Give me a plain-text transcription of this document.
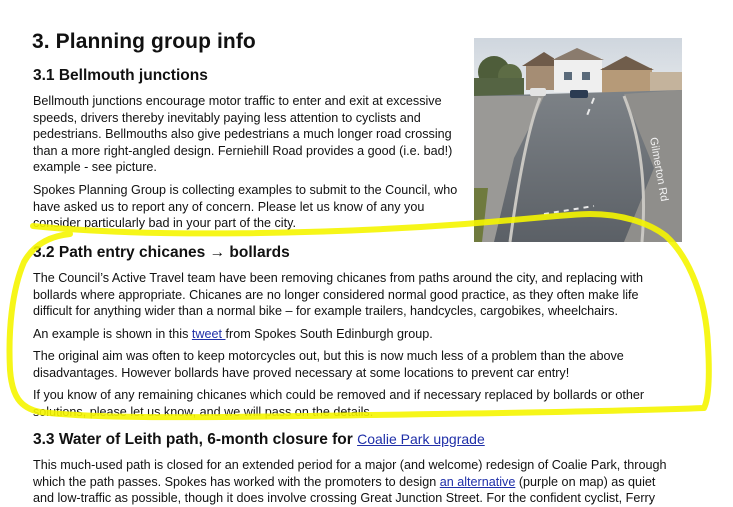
3. Planning group info
3.1 Bellmouth junctions

Bellmouth junctions encourage motor traffic to enter and exit at excessive
speeds, drivers thereby inevitably paying less attention to cyclists and
pedestrians. Bellmouths also give pedestrians a much longer road crossing
than a more right-angled design. Ferniehill Road provides a good (i.e. bad!)
example - see picture.

Spokes Planning Group is collecting examples to submit to the Council, who
have asked us to report any of concern. Please let us know of any you
consider particularly bad in your part of the city.

Gilmerton Rd
3.2 Path entry chicanes → bollards

The Council’s Active Travel team have been removing chicanes from paths around the city, and replacing with
bollards where appropriate. Chicanes are no longer considered normal good practice, as they often make life
difficult for anything wider than a normal bike – for example trailers, handcycles, cargobikes, wheelchairs.

An example is shown in this tweet from Spokes South Edinburgh group.

The original aim was often to keep motorcycles out, but this is now much less of a problem than the above
disadvantages. However bollards have proved necessary at some locations to prevent car entry!

If you know of any remaining chicanes which could be removed and if necessary replaced by bollards or other
solutions, please let us know, and we will pass on the details.

3.3 Water of Leith path, 6-month closure for Coalie Park upgrade

This much-used path is closed for an extended period for a major (and welcome) redesign of Coalie Park, through
which the path passes. Spokes has worked with the promoters to design an alternative (purple on map) as quiet
and low-traffic as possible, though it does involve crossing Great Junction Street. For the confident cyclist, Ferry
